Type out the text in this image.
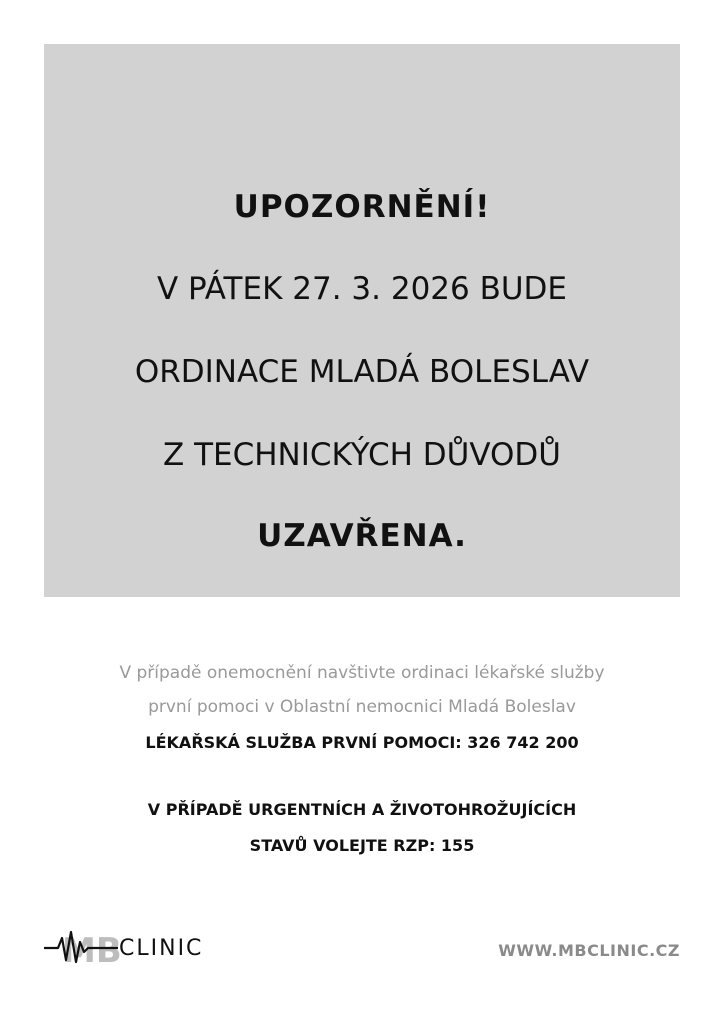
UPOZORNĚNÍ!
V PÁTEK 27. 3. 2026 BUDE
ORDINACE MLADÁ BOLESLAV
Z TECHNICKÝCH DŮVODŮ
UZAVŘENA.
V případě onemocnění navštivte ordinaci lékařské služby
první pomoci v Oblastní nemocnici Mladá Boleslav
LÉKAŘSKÁ SLUŽBA PRVNÍ POMOCI: 326 742 200
V PŘÍPADĚ URGENTNÍCH A ŽIVOTOHROŽUJÍCÍCH
STAVŮ VOLEJTE RZP: 155
MB
CLINIC	WWW.MBCLINIC.CZ
